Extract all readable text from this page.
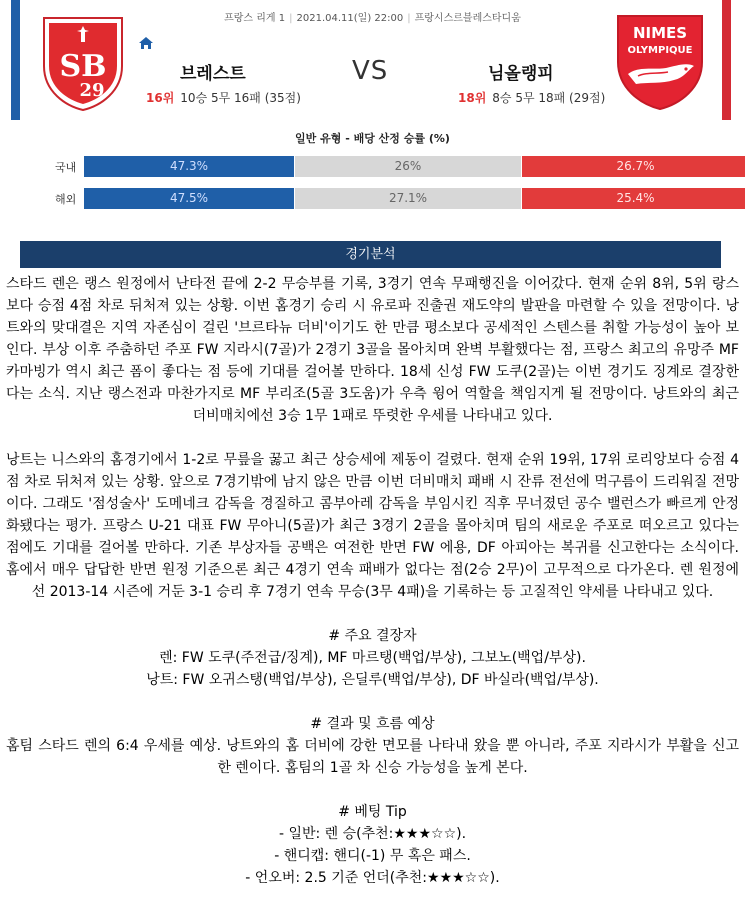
프랑스 리게 1 | 2021.04.11(일) 22:00 | 프랑시스르블레스타디움
SB
29
브레스트	VS	님올랭피
16위 10승 5무 16패 (35점)	18위 8승 5무 18패 (29점)
NIMES
OLYMPIQUE
일반 유형 - 배당 산정 승률 (%)
국내	47.3%	26%	26.7%
해외	47.5%	27.1%	25.4%
경기분석

스타드 렌은 랭스 원정에서 난타전 끝에 2-2 무승부를 기록, 3경기 연속 무패행진을 이어갔다. 현재 순위 8위, 5위 랑스보다 승점 4점 차로 뒤처져 있는 상황. 이번 홈경기 승리 시 유로파 진출권 재도약의 발판을 마련할 수 있을 전망이다. 낭트와의 맞대결은 지역 자존심이 걸린 '브르타뉴 더비'이기도 한 만큼 평소보다 공세적인 스텐스를 취할 가능성이 높아 보인다. 부상 이후 주춤하던 주포 FW 지라시(7골)가 2경기 3골을 몰아치며 완벽 부활했다는 점, 프랑스 최고의 유망주 MF 카마빙가 역시 최근 폼이 좋다는 점 등에 기대를 걸어볼 만하다. 18세 신성 FW 도쿠(2골)는 이번 경기도 징계로 결장한다는 소식. 지난 랭스전과 마찬가지로 MF 부리조(5골 3도움)가 우측 윙어 역할을 책임지게 될 전망이다. 낭트와의 최근 더비매치에선 3승 1무 1패로 뚜렷한 우세를 나타내고 있다.

낭트는 니스와의 홈경기에서 1-2로 무릎을 꿇고 최근 상승세에 제동이 걸렸다. 현재 순위 19위, 17위 로리앙보다 승점 4점 차로 뒤처져 있는 상황. 앞으로 7경기밖에 남지 않은 만큼 이번 더비매치 패배 시 잔류 전선에 먹구름이 드리워질 전망이다. 그래도 '점성술사' 도메네크 감독을 경질하고 콤부아레 감독을 부임시킨 직후 무너졌던 공수 밸런스가 빠르게 안정화됐다는 평가. 프랑스 U-21 대표 FW 무아니(5골)가 최근 3경기 2골을 몰아치며 팀의 새로운 주포로 떠오르고 있다는 점에도 기대를 걸어볼 만하다. 기존 부상자들 공백은 여전한 반면 FW 에용, DF 아피아는 복귀를 신고한다는 소식이다. 홈에서 매우 답답한 반면 원정 기준으론 최근 4경기 연속 패배가 없다는 점(2승 2무)이 고무적으로 다가온다. 렌 원정에선 2013-14 시즌에 거둔 3-1 승리 후 7경기 연속 무승(3무 4패)을 기록하는 등 고질적인 약세를 나타내고 있다.

# 주요 결장자

렌: FW 도쿠(주전급/징계), MF 마르탱(백업/부상), 그보노(백업/부상).

낭트: FW 오귀스탱(백업/부상), 은딜루(백업/부상), DF 바실라(백업/부상).

# 결과 및 흐름 예상

홈팀 스타드 렌의 6:4 우세를 예상. 낭트와의 홈 더비에 강한 면모를 나타내 왔을 뿐 아니라, 주포 지라시가 부활을 신고한 렌이다. 홈팀의 1골 차 신승 가능성을 높게 본다.

# 베팅 Tip

- 일반: 렌 승(추천:★★★☆☆).

- 핸디캡: 핸디(-1) 무 혹은 패스.

- 언오버: 2.5 기준 언더(추천:★★★☆☆).
